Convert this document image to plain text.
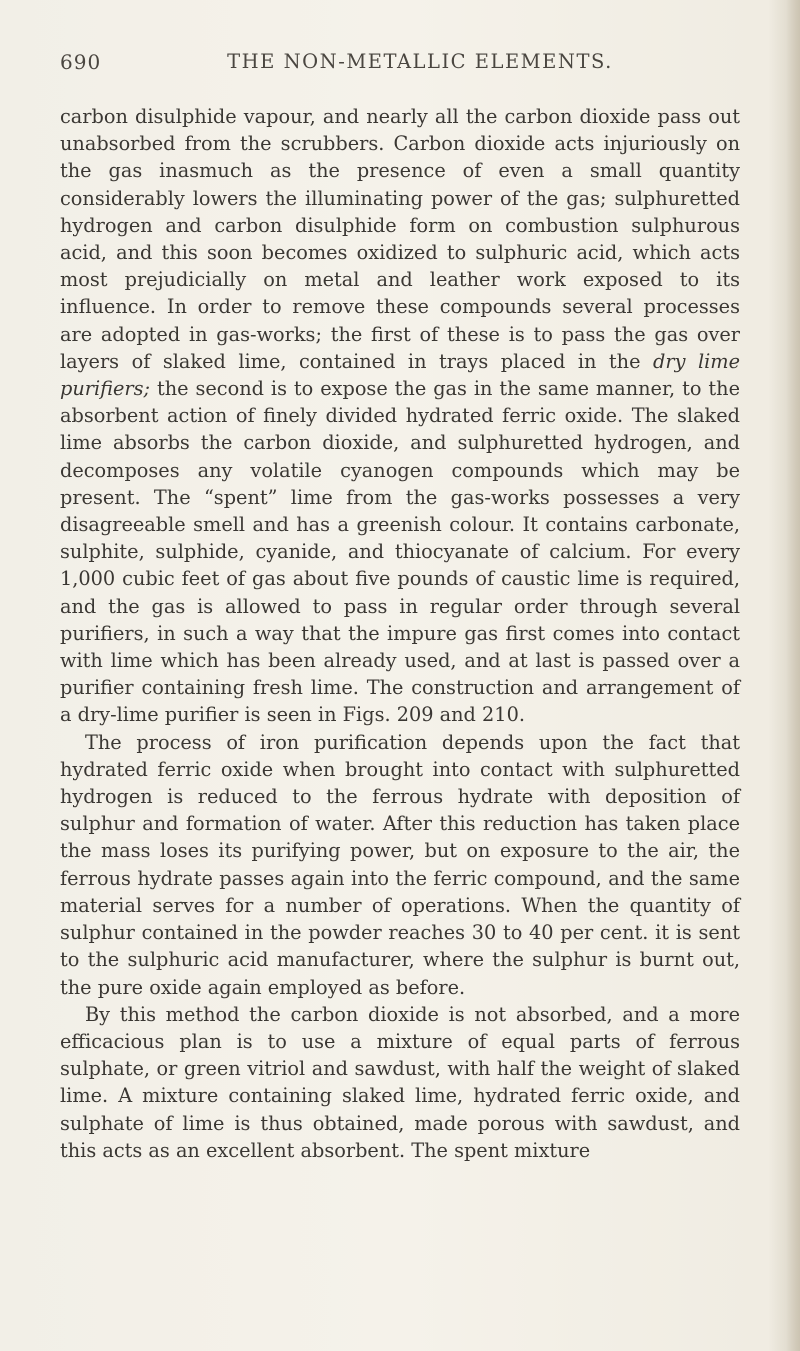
690	THE NON-METALLIC ELEMENTS.

carbon disulphide vapour, and nearly all the carbon dioxide pass out unabsorbed from the scrubbers. Carbon dioxide acts injuriously on the gas inasmuch as the presence of even a small quantity considerably lowers the illuminating power of the gas; sulphuretted hydrogen and carbon disulphide form on combustion sulphurous acid, and this soon becomes oxidized to sulphuric acid, which acts most prejudicially on metal and leather work exposed to its influence. In order to remove these compounds several processes are adopted in gas-works; the first of these is to pass the gas over layers of slaked lime, contained in trays placed in the dry lime purifiers; the second is to expose the gas in the same manner, to the absorbent action of finely divided hydrated ferric oxide. The slaked lime absorbs the carbon dioxide, and sulphuretted hydrogen, and decomposes any volatile cyanogen compounds which may be present. The “spent” lime from the gas-works possesses a very disagreeable smell and has a greenish colour. It contains carbonate, sulphite, sulphide, cyanide, and thiocyanate of calcium. For every 1,000 cubic feet of gas about five pounds of caustic lime is required, and the gas is allowed to pass in regular order through several purifiers, in such a way that the impure gas first comes into contact with lime which has been already used, and at last is passed over a purifier containing fresh lime. The construction and arrangement of a dry-lime purifier is seen in Figs. 209 and 210.

The process of iron purification depends upon the fact that hydrated ferric oxide when brought into contact with sulphuretted hydrogen is reduced to the ferrous hydrate with deposition of sulphur and formation of water. After this reduction has taken place the mass loses its purifying power, but on exposure to the air, the ferrous hydrate passes again into the ferric compound, and the same material serves for a number of operations. When the quantity of sulphur contained in the powder reaches 30 to 40 per cent. it is sent to the sulphuric acid manufacturer, where the sulphur is burnt out, the pure oxide again employed as before.

By this method the carbon dioxide is not absorbed, and a more efficacious plan is to use a mixture of equal parts of ferrous sulphate, or green vitriol and sawdust, with half the weight of slaked lime. A mixture containing slaked lime, hydrated ferric oxide, and sulphate of lime is thus obtained, made porous with sawdust, and this acts as an excellent absorbent. The spent mixture
